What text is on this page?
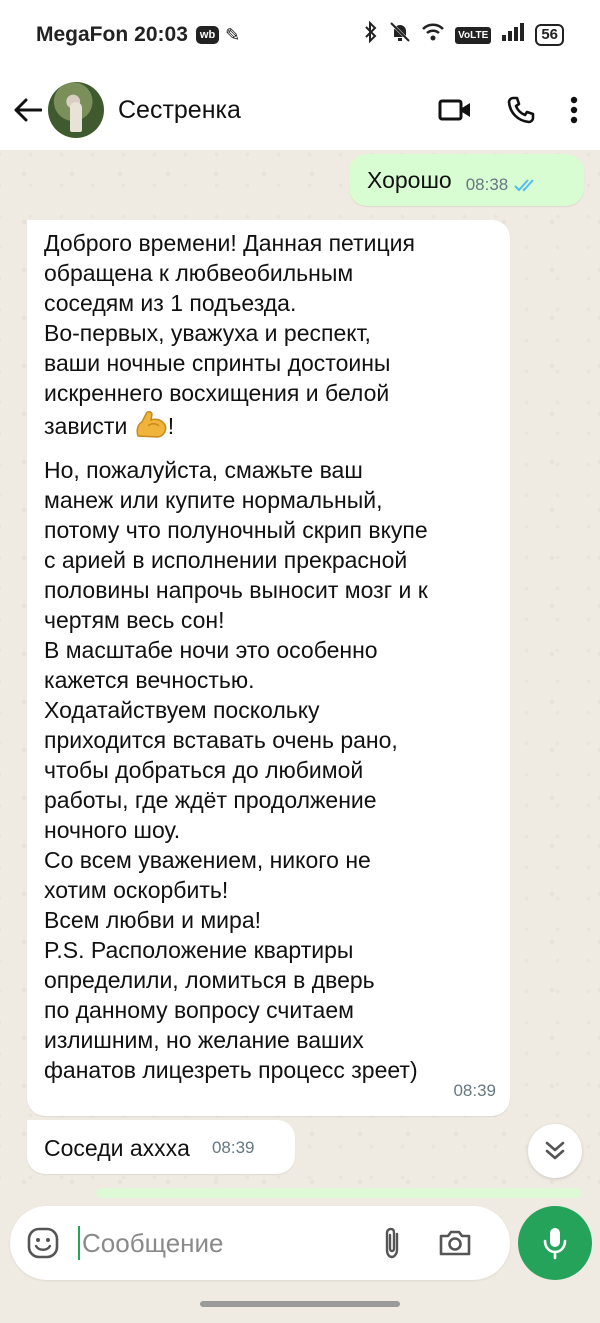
MegaFon 20:03	wb ✎	VoLTE	56
Сестренка
Хорошо 08:38
Доброго времени! Данная петиция
обращена к любвеобильным
соседям из 1 подъезда.
Во-первых, уважуха и респект,
ваши ночные спринты достоины
искреннего восхищения и белой
зависти !
Но, пожалуйста, смажьте ваш
манеж или купите нормальный,
потому что полуночный скрип вкупе
с арией в исполнении прекрасной
половины напрочь выносит мозг и к
чертям весь сон!
В масштабе ночи это особенно
кажется вечностью.
Ходатайствуем поскольку
приходится вставать очень рано,
чтобы добраться до любимой
работы, где ждёт продолжение
ночного шоу.
Со всем уважением, никого не
хотим оскорбить!
Всем любви и мира!
P.S. Расположение квартиры
определили, ломиться в дверь
по данному вопросу считаем
излишним, но желание ваших
фанатов лицезреть процесс зреет)
08:39
Соседи ахххa 08:39
Сообщение
